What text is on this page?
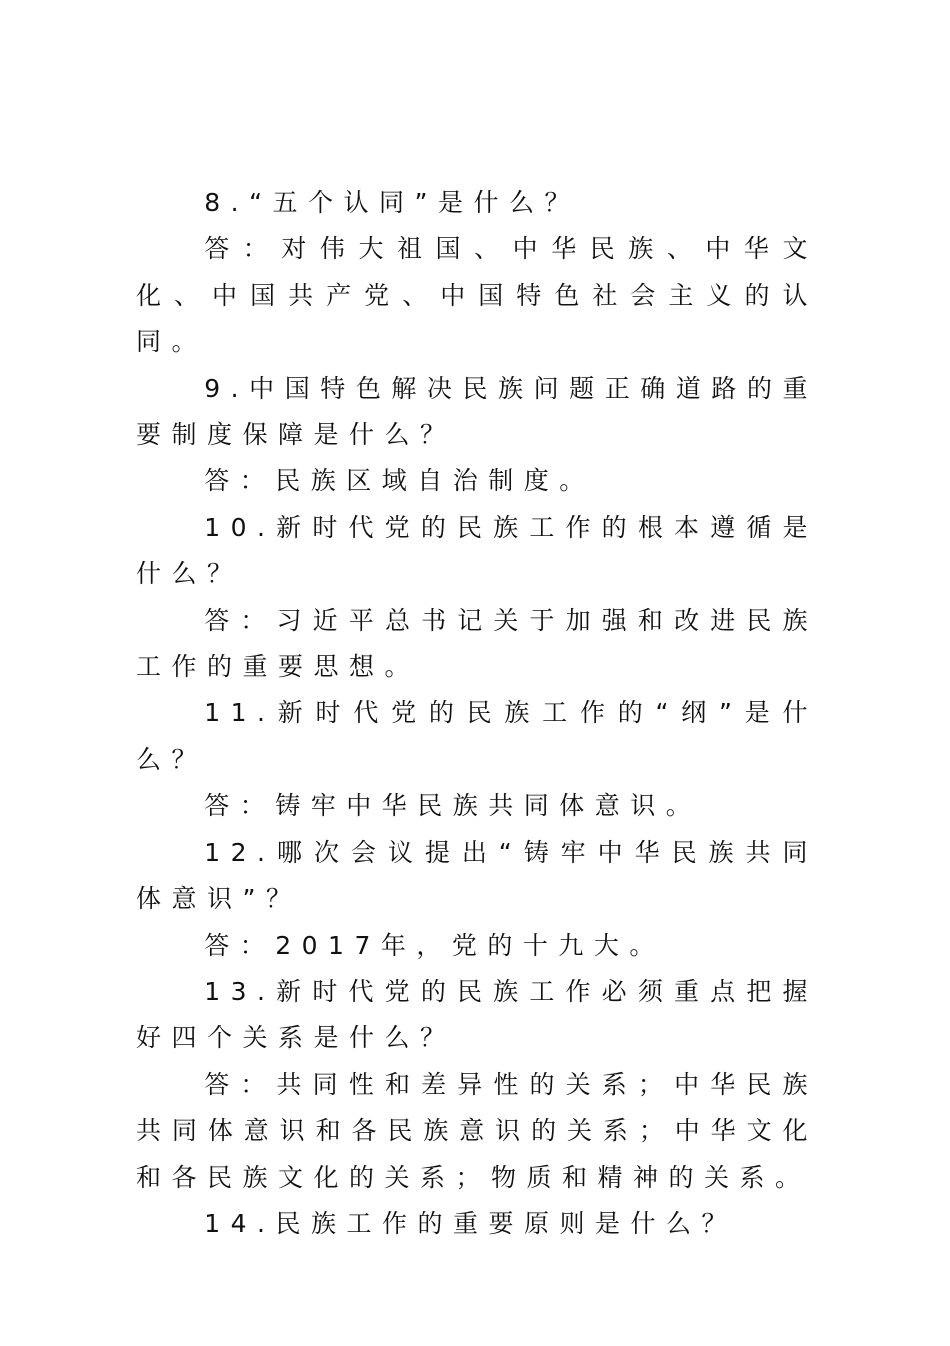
8.“五个认同”是什么？

答：对伟大祖国、中华民族、中华文化、中国共产党、中国特色社会主义的认同。

9.中国特色解决民族问题正确道路的重要制度保障是什么？

答：民族区域自治制度。

10.新时代党的民族工作的根本遵循是什么？

答：习近平总书记关于加强和改进民族工作的重要思想。

11.新时代党的民族工作的“纲”是什么？

答：铸牢中华民族共同体意识。

12.哪次会议提出“铸牢中华民族共同体意识”？

答：2017年，党的十九大。

13.新时代党的民族工作必须重点把握好四个关系是什么？

答：共同性和差异性的关系；中华民族共同体意识和各民族意识的关系；中华文化和各民族文化的关系；物质和精神的关系。

14.民族工作的重要原则是什么？
